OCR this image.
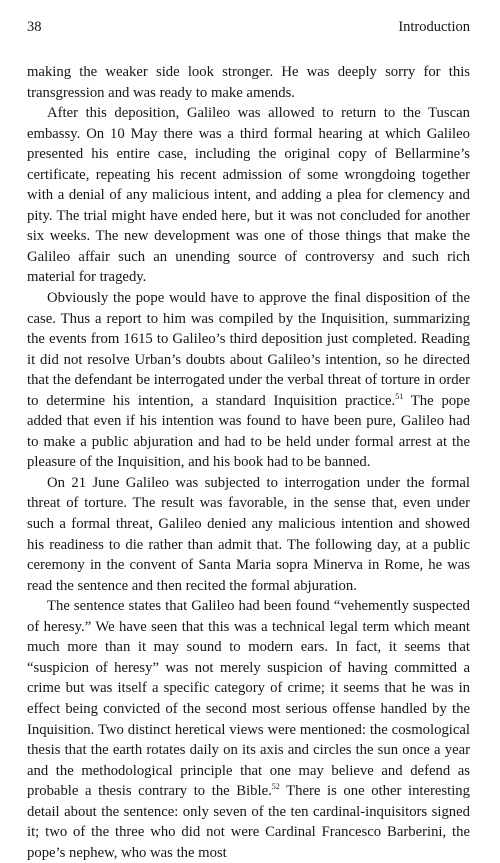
38	Introduction

making the weaker side look stronger. He was deeply sorry for this transgression and was ready to make amends.

After this deposition, Galileo was allowed to return to the Tuscan embassy. On 10 May there was a third formal hearing at which Galileo presented his entire case, including the original copy of Bellarmine’s certificate, repeating his recent admission of some wrongdoing together with a denial of any malicious intent, and adding a plea for clemency and pity. The trial might have ended here, but it was not concluded for another six weeks. The new development was one of those things that make the Galileo affair such an unending source of controversy and such rich material for tragedy.

Obviously the pope would have to approve the final disposition of the case. Thus a report to him was compiled by the Inquisition, summarizing the events from 1615 to Galileo’s third deposition just completed. Reading it did not resolve Urban’s doubts about Galileo’s intention, so he directed that the defendant be interrogated under the verbal threat of torture in order to determine his intention, a standard Inquisition practice.$^{51}$ The pope added that even if his intention was found to have been pure, Galileo had to make a public abjuration and had to be held under formal arrest at the pleasure of the Inquisition, and his book had to be banned.

On 21 June Galileo was subjected to interrogation under the formal threat of torture. The result was favorable, in the sense that, even under such a formal threat, Galileo denied any malicious intention and showed his readiness to die rather than admit that. The following day, at a public ceremony in the convent of Santa Maria sopra Minerva in Rome, he was read the sentence and then recited the formal abjuration.

The sentence states that Galileo had been found “vehemently suspected of heresy.” We have seen that this was a technical legal term which meant much more than it may sound to modern ears. In fact, it seems that “suspicion of heresy” was not merely suspicion of having committed a crime but was itself a specific category of crime; it seems that he was in effect being convicted of the second most serious offense handled by the Inquisition. Two distinct heretical views were mentioned: the cosmological thesis that the earth rotates daily on its axis and circles the sun once a year and the methodological principle that one may believe and defend as probable a thesis contrary to the Bible.$^{52}$ There is one other interesting detail about the sentence: only seven of the ten cardinal-inquisitors signed it; two of the three who did not were Cardinal Francesco Barberini, the pope’s nephew, who was the most
